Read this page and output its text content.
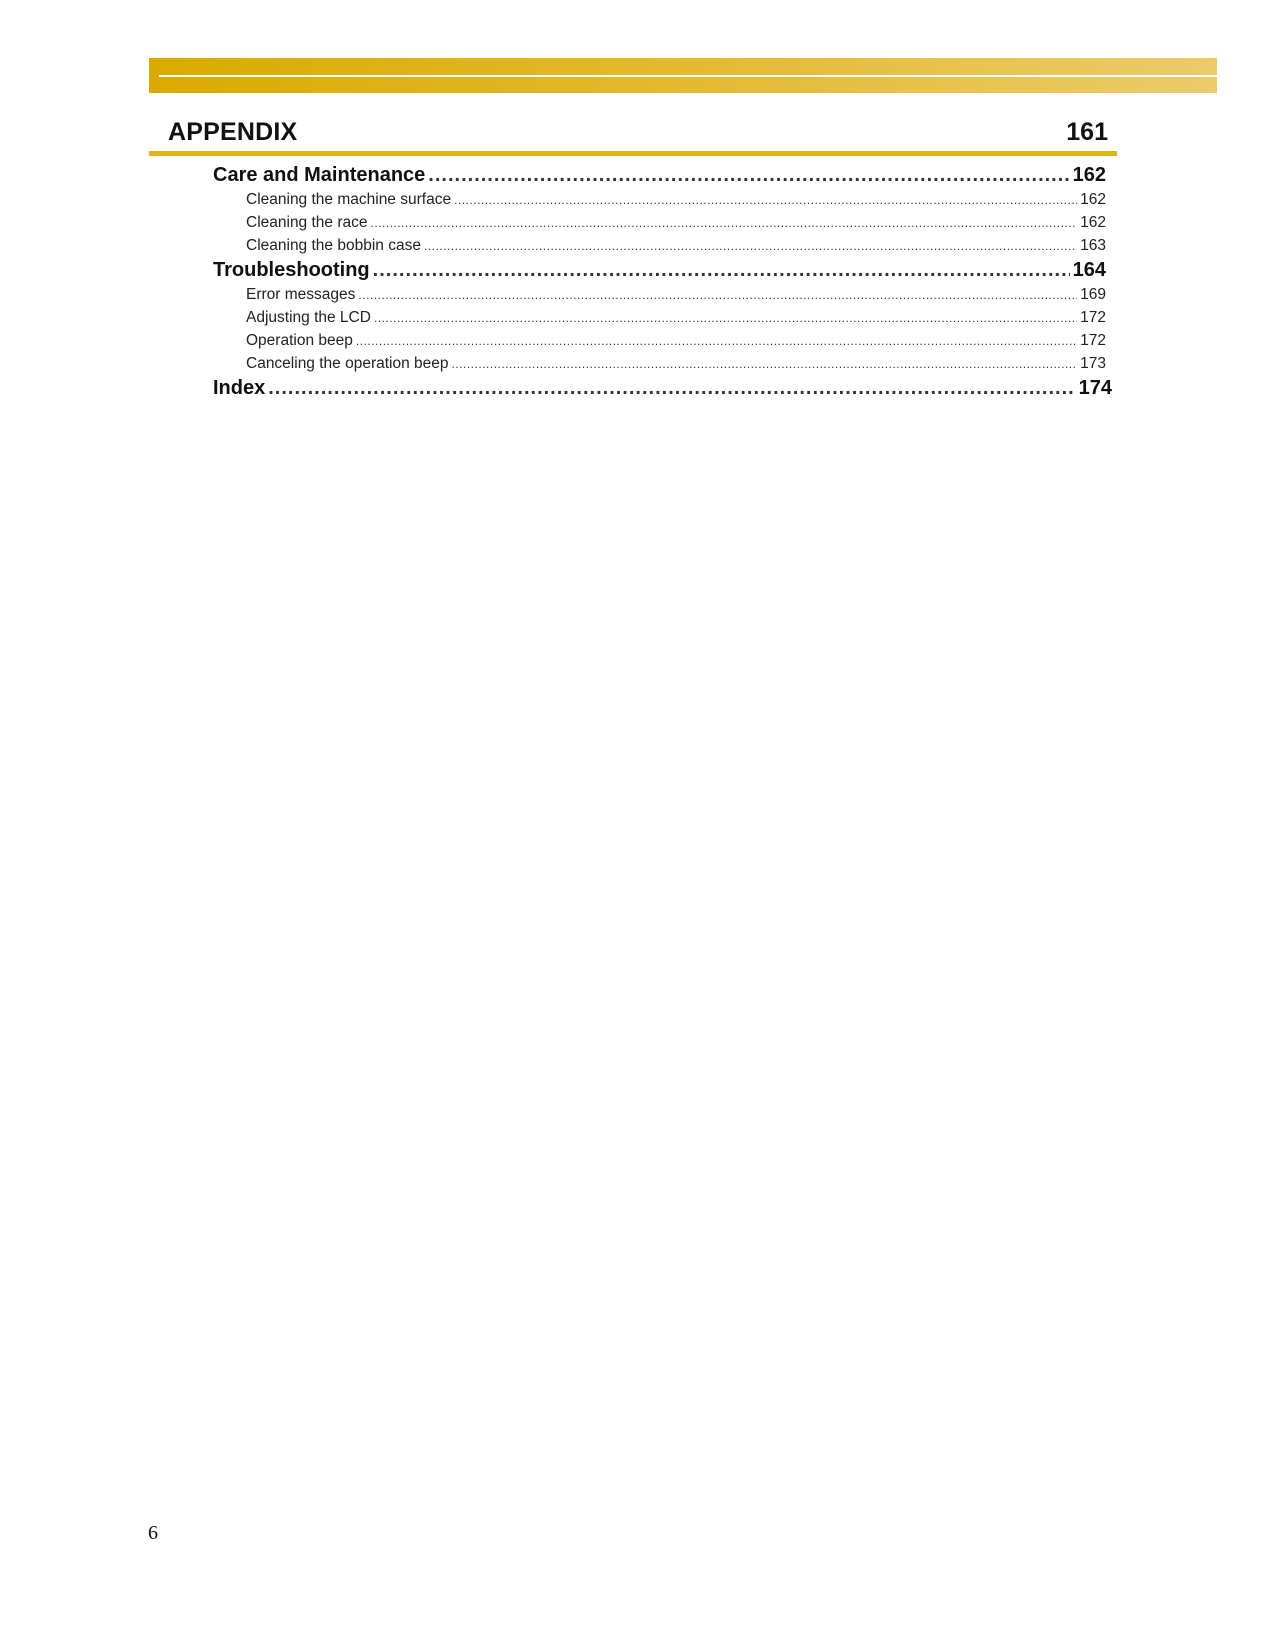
APPENDIX	161
Care and Maintenance .....	162
Cleaning the machine surface .....	162
Cleaning the race .....	162
Cleaning the bobbin case .....	163
Troubleshooting .....	164
Error messages .....	169
Adjusting the LCD .....	172
Operation beep .....	172
Canceling the operation beep .....	173
Index .....	174
6
